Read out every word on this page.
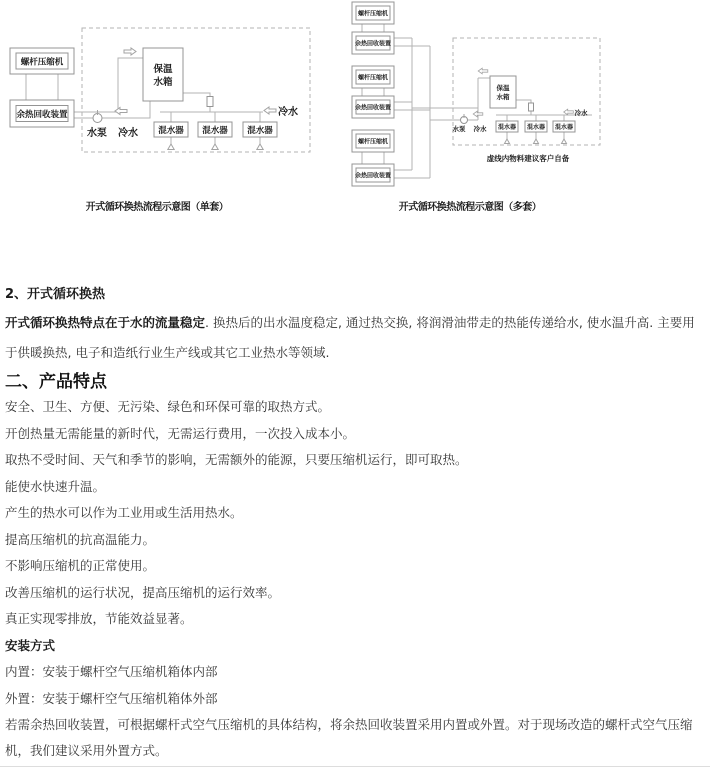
螺杆压缩机
余热回收装置
保温
水箱
混水器 混水器 混水器
水泵 冷水
冷水
开式循环换热流程示意图（单套）
螺杆压缩机
余热回收装置
螺杆压缩机
余热回收装置
螺杆压缩机
余热回收装置
保温
水箱
混水器 混水器 混水器
水泵 冷水
冷水
虚线内物料建议客户自备
开式循环换热流程示意图（多套）
2、开式循环换热

开式循环换热特点在于水的流量稳定. 换热后的出水温度稳定, 通过热交换, 将润滑油带走的热能传递给水, 使水温升高. 主要用于供暖换热, 电子和造纸行业生产线或其它工业热水等领域.

二、产品特点

安全、卫生、方便、无污染、绿色和环保可靠的取热方式。

开创热量无需能量的新时代，无需运行费用，一次投入成本小。

取热不受时间、天气和季节的影响，无需额外的能源，只要压缩机运行，即可取热。

能使水快速升温。

产生的热水可以作为工业用或生活用热水。

提高压缩机的抗高温能力。

不影响压缩机的正常使用。

改善压缩机的运行状况，提高压缩机的运行效率。

真正实现零排放，节能效益显著。

安装方式

内置：安装于螺杆空气压缩机箱体内部

外置：安装于螺杆空气压缩机箱体外部

若需余热回收装置，可根据螺杆式空气压缩机的具体结构，将余热回收装置采用内置或外置。对于现场改造的螺杆式空气压缩机，我们建议采用外置方式。
